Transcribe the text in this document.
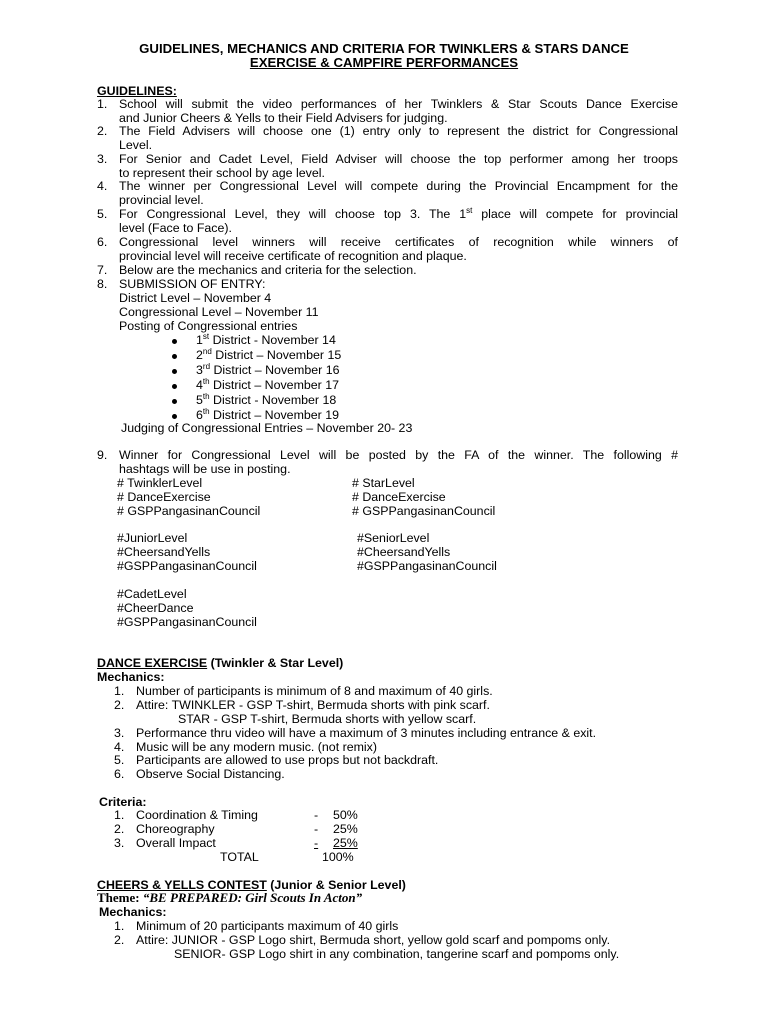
GUIDELINES, MECHANICS AND CRITERIA FOR TWINKLERS & STARS DANCE
EXERCISE & CAMPFIRE PERFORMANCES
GUIDELINES:
1. School will submit the video performances of her Twinklers & Star Scouts Dance Exercise
and Junior Cheers & Yells to their Field Advisers for judging.
2. The Field Advisers will choose one (1) entry only to represent the district for Congressional
Level.
3. For Senior and Cadet Level, Field Adviser will choose the top performer among her troops
to represent their school by age level.
4. The winner per Congressional Level will compete during the Provincial Encampment for the
provincial level.
5. For Congressional Level, they will choose top 3. The 1st place will compete for provincial
level (Face to Face).
6. Congressional level winners will receive certificates of recognition while winners of
provincial level will receive certificate of recognition and plaque.
7. Below are the mechanics and criteria for the selection.
8. SUBMISSION OF ENTRY:
District Level – November 4
Congressional Level – November 11
Posting of Congressional entries
1st District - November 14
2nd District – November 15
3rd District – November 16
4th District – November 17
5th District - November 18
6th District – November 19
Judging of Congressional Entries – November 20- 23
9. Winner for Congressional Level will be posted by the FA of the winner. The following #
hashtags will be use in posting.
# TwinklerLevel
# DanceExercise
# GSPPangasinanCouncil
# StarLevel
# DanceExercise
# GSPPangasinanCouncil
#JuniorLevel
#CheersandYells
#GSPPangasinanCouncil
#SeniorLevel
#CheersandYells
#GSPPangasinanCouncil
#CadetLevel
#CheerDance
#GSPPangasinanCouncil
DANCE EXERCISE (Twinkler & Star Level)
Mechanics:
1. Number of participants is minimum of 8 and maximum of 40 girls.
2. Attire: TWINKLER - GSP T-shirt, Bermuda shorts with pink scarf.
STAR - GSP T-shirt, Bermuda shorts with yellow scarf.
3. Performance thru video will have a maximum of 3 minutes including entrance & exit.
4. Music will be any modern music. (not remix)
5. Participants are allowed to use props but not backdraft.
6. Observe Social Distancing.
Criteria:
1. Coordination & Timing	- 50%
2. Choreography	- 25%
3. Overall Impact	- 25%
TOTAL	100%
CHEERS & YELLS CONTEST (Junior & Senior Level)
Theme: “BE PREPARED: Girl Scouts In Acton”
Mechanics:
1. Minimum of 20 participants maximum of 40 girls
2. Attire: JUNIOR - GSP Logo shirt, Bermuda short, yellow gold scarf and pompoms only.
SENIOR- GSP Logo shirt in any combination, tangerine scarf and pompoms only.
